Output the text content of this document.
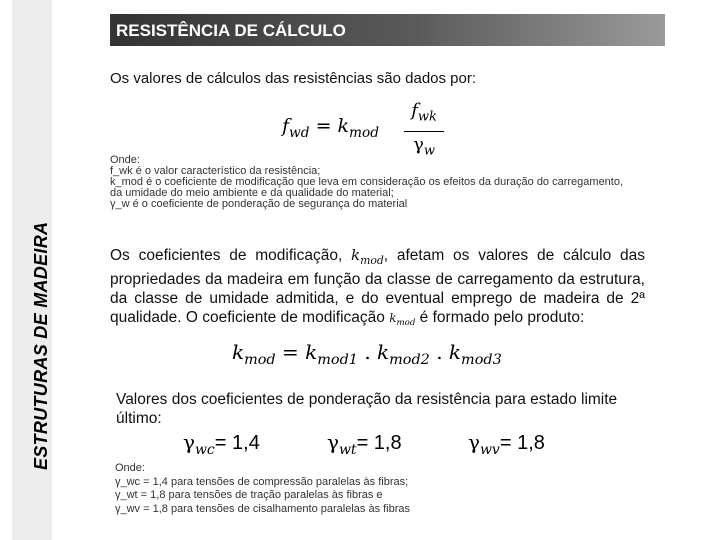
ESTRUTURAS DE MADEIRA
RESISTÊNCIA DE CÁLCULO
Os valores de cálculos das resistências são dados por:
$f_{wd} = k_{mod}$
$f_{wk}$
$\gamma_w$
Onde:
f_wk é o valor característico da resistência;
k_mod é o coeficiente de modificação que leva em consideração os efeitos da duração do carregamento,
da umidade do meio ambiente e da qualidade do material;
γ_w é o coeficiente de ponderação de segurança do material
Os coeficientes de modificação, $k_{mod}$, afetam os valores de cálculo das propriedades da madeira em função da classe de carregamento da estrutura, da classe de umidade admitida, e do eventual emprego de madeira de 2ª qualidade. O coeficiente de modificação $k_{mod}$ é formado pelo produto:
$k_{mod} = k_{mod1}$ . $k_{mod2}$ . $k_{mod3}$
Valores dos coeficientes de ponderação da resistência para estado limite último:
$\gamma_{wc}= 1,4$	$\gamma_{wt}= 1,8$	$\gamma_{wv}= 1,8$
Onde:
γ_wc = 1,4 para tensões de compressão paralelas às fibras;
γ_wt = 1,8 para tensões de tração paralelas às fibras e
γ_wv = 1,8 para tensões de cisalhamento paralelas às fibras
